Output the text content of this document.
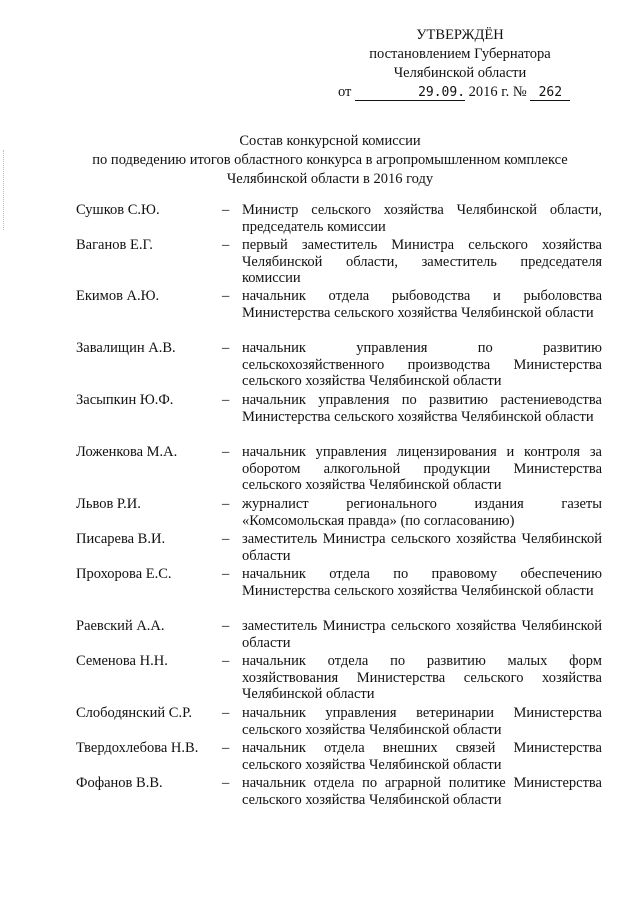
УТВЕРЖДЁН
постановлением Губернатора
Челябинской области
от	29.09. 2016 г. № 262
Состав конкурсной комиссии
по подведению итогов областного конкурса в агропромышленном комплексе
Челябинской области в 2016 году
Сушков С.Ю.	– Министр сельского хозяйства Челябинской области, председатель комиссии
Ваганов Е.Г.	– первый заместитель Министра сельского хозяйства Челябинской области, заместитель председателя комиссии
Екимов А.Ю.	– начальник отдела рыбоводства и рыболовства Министерства сельского хозяйства Челябинской области
Завалищин А.В.	– начальник управления по развитию сельскохозяйственного производства Министерства сельского хозяйства Челябинской области
Засыпкин Ю.Ф.	– начальник управления по развитию растениеводства Министерства сельского хозяйства Челябинской области
Ложенкова М.А.	– начальник управления лицензирования и контроля за оборотом алкогольной продукции Министерства сельского хозяйства Челябинской области
Львов Р.И.	– журналист регионального издания газеты «Комсомольская правда» (по согласованию)
Писарева В.И.	– заместитель Министра сельского хозяйства Челябинской области
Прохорова Е.С.	– начальник отдела по правовому обеспечению Министерства сельского хозяйства Челябинской области
Раевский А.А.	– заместитель Министра сельского хозяйства Челябинской области
Семенова Н.Н.	– начальник отдела по развитию малых форм хозяйствования Министерства сельского хозяйства Челябинской области
Слободянский С.Р.	– начальник управления ветеринарии Министерства сельского хозяйства Челябинской области
Твердохлебова Н.В.	– начальник отдела внешних связей Министерства сельского хозяйства Челябинской области
Фофанов В.В.	– начальник отдела по аграрной политике Министерства сельского хозяйства Челябинской области
